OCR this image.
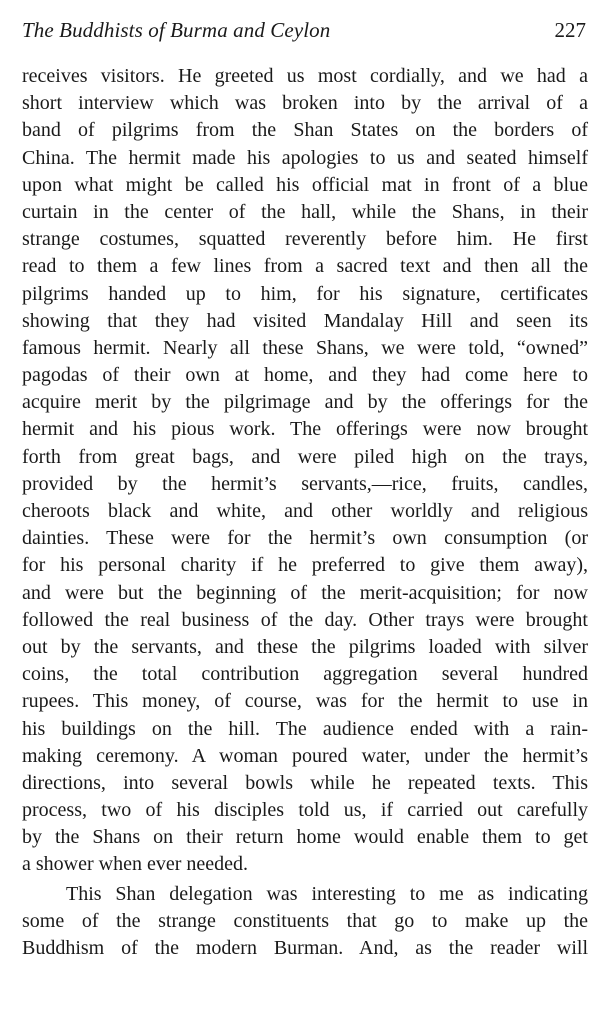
The Buddhists of Burma and Ceylon	227
receives visitors. He greeted us most cordially, and we had a
short interview which was broken into by the arrival of a
band of pilgrims from the Shan States on the borders of
China. The hermit made his apologies to us and seated himself
upon what might be called his official mat in front of a blue
curtain in the center of the hall, while the Shans, in their
strange costumes, squatted reverently before him. He first
read to them a few lines from a sacred text and then all the
pilgrims handed up to him, for his signature, certificates
showing that they had visited Mandalay Hill and seen its
famous hermit. Nearly all these Shans, we were told, “owned”
pagodas of their own at home, and they had come here to
acquire merit by the pilgrimage and by the offerings for the
hermit and his pious work. The offerings were now brought
forth from great bags, and were piled high on the trays,
provided by the hermit’s servants,—rice, fruits, candles,
cheroots black and white, and other worldly and religious
dainties. These were for the hermit’s own consumption (or
for his personal charity if he preferred to give them away),
and were but the beginning of the merit-acquisition; for now
followed the real business of the day. Other trays were brought
out by the servants, and these the pilgrims loaded with silver
coins, the total contribution aggregation several hundred
rupees. This money, of course, was for the hermit to use in
his buildings on the hill. The audience ended with a rain-
making ceremony. A woman poured water, under the hermit’s
directions, into several bowls while he repeated texts. This
process, two of his disciples told us, if carried out carefully
by the Shans on their return home would enable them to get
a shower when ever needed.
This Shan delegation was interesting to me as indicating
some of the strange constituents that go to make up the
Buddhism of the modern Burman. And, as the reader will
